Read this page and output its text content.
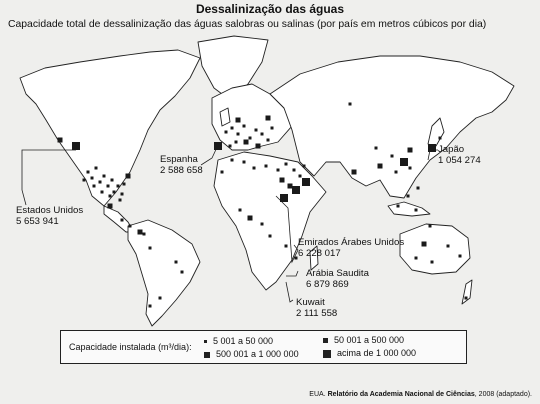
Dessalinização das águas
Capacidade total de dessalinização das águas salobras ou salinas (por país em metros cúbicos por dia)
Estados Unidos
5 653 941
Espanha
2 588 658
Japão
1 054 274
Emirados Árabes Unidos
6 228 017
Arábia Saudita
6 879 869
Kuwait
2 111 558
Capacidade instalada (m³/dia):
5 001 a 50 000	50 001 a 500 000
500 001 a 1 000 000	acima de 1 000 000
EUA. Relatório da Academia Nacional de Ciências, 2008 (adaptado).
